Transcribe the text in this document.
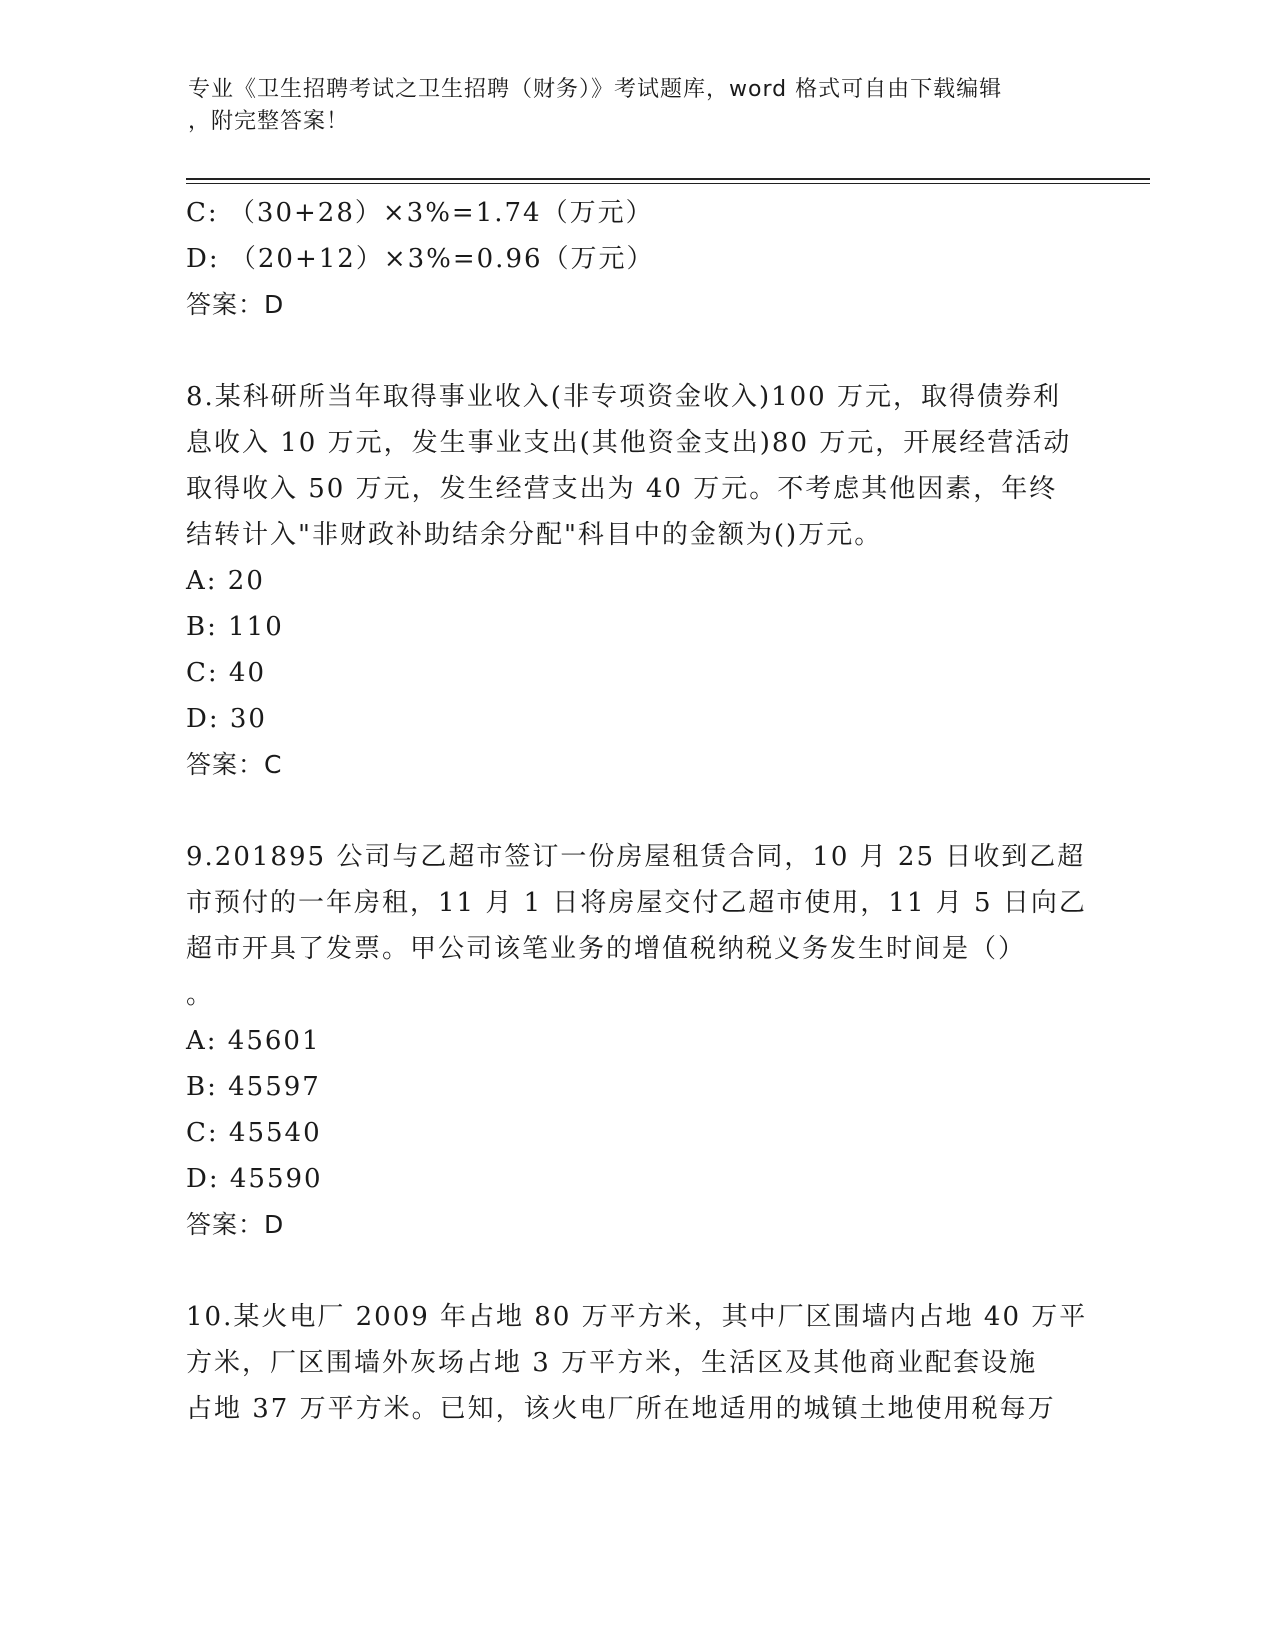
专业《卫生招聘考试之卫生招聘（财务）》考试题库，word 格式可自由下载编辑
，附完整答案！
C: （30+28）×3%=1.74（万元）
D: （20+12）×3%=0.96（万元）
答案：D
8.某科研所当年取得事业收入(非专项资金收入)100 万元，取得债券利
息收入 10 万元，发生事业支出(其他资金支出)80 万元，开展经营活动
取得收入 50 万元，发生经营支出为 40 万元。不考虑其他因素，年终
结转计入"非财政补助结余分配"科目中的金额为()万元。
A: 20
B: 110
C: 40
D: 30
答案：C
9.201895 公司与乙超市签订一份房屋租赁合同，10 月 25 日收到乙超
市预付的一年房租，11 月 1 日将房屋交付乙超市使用，11 月 5 日向乙
超市开具了发票。甲公司该笔业务的增值税纳税义务发生时间是（）
。
A: 45601
B: 45597
C: 45540
D: 45590
答案：D
10.某火电厂 2009 年占地 80 万平方米，其中厂区围墙内占地 40 万平
方米，厂区围墙外灰场占地 3 万平方米，生活区及其他商业配套设施
占地 37 万平方米。已知，该火电厂所在地适用的城镇土地使用税每万
